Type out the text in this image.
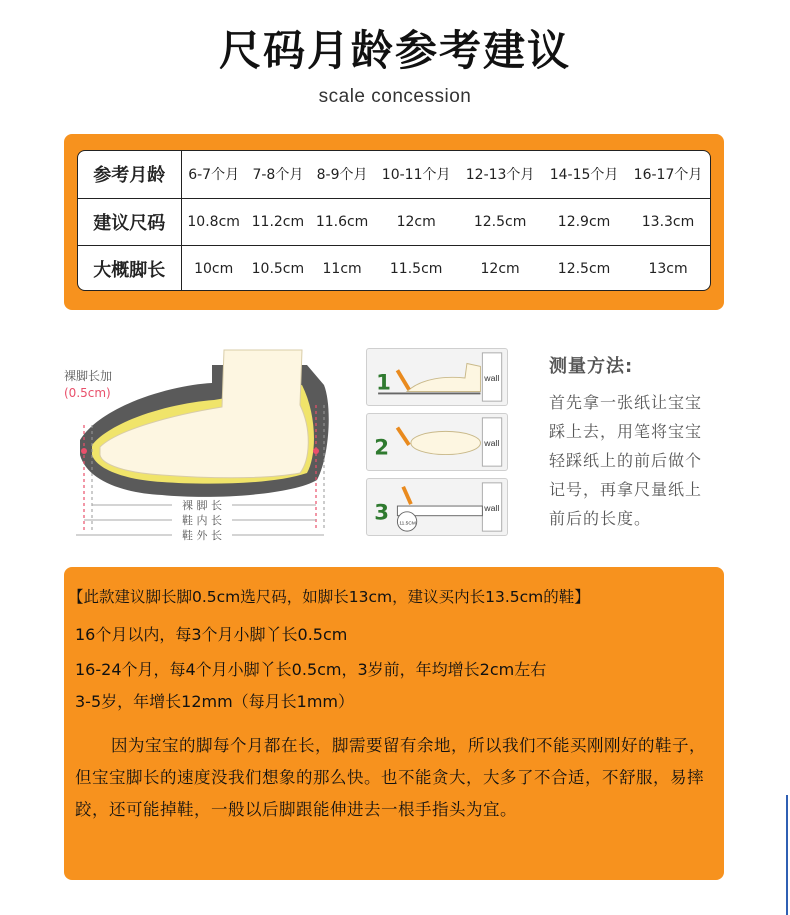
尺码月龄参考建议
scale concession
参考月龄	6-7个月	7-8个月	8-9个月	10-11个月	12-13个月	14-15个月	16-17个月
建议尺码	10.8cm	11.2cm	11.6cm	12cm	12.5cm	12.9cm	13.3cm
大概脚长	10cm	10.5cm	11cm	11.5cm	12cm	12.5cm	13cm
裸 脚 长
鞋 内 长
鞋 外 长
裸脚长加
(0.5cm)
wall
1
wall
2
wall
11.5CM
3
测量方法:
首先拿一张纸让宝宝
踩上去，用笔将宝宝
轻踩纸上的前后做个
记号，再拿尺量纸上
前后的长度。
【此款建议脚长脚0.5cm选尺码，如脚长13cm，建议买内长13.5cm的鞋】
16个月以内，每3个月小脚丫长0.5cm
16-24个月，每4个月小脚丫长0.5cm，3岁前，年均增长2cm左右
3-5岁，年增长12mm（每月长1mm）
因为宝宝的脚每个月都在长，脚需要留有余地，所以我们不能买刚刚好的鞋子，但宝宝脚长的速度没我们想象的那么快。也不能贪大，大多了不合适，不舒服，易摔跤，还可能掉鞋，一般以后脚跟能伸进去一根手指头为宜。
